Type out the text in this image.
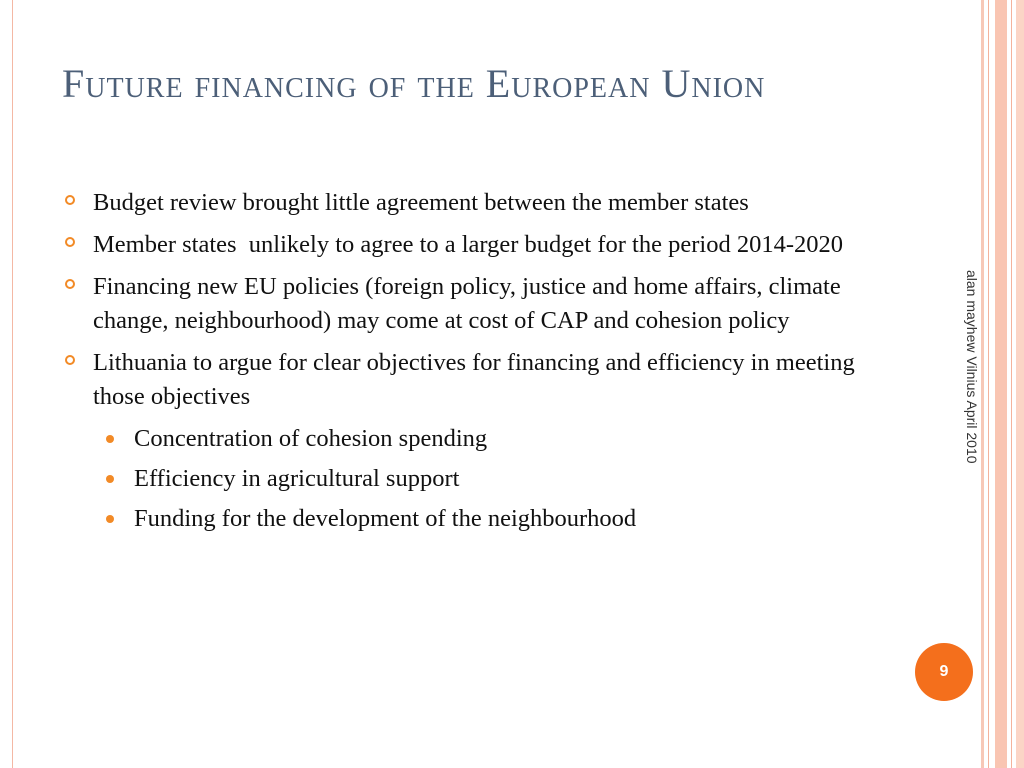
Future financing of the European Union
Budget review brought little agreement between the member states
Member states  unlikely to agree to a larger budget for the period 2014-2020
Financing new EU policies (foreign policy, justice and home affairs, climate change, neighbourhood) may come at cost of CAP and cohesion policy
Lithuania to argue for clear objectives for financing and efficiency in meeting those objectives
Concentration of cohesion spending
Efficiency in agricultural support
Funding for the development of the neighbourhood
alan mayhew Vilnius April 2010
9
